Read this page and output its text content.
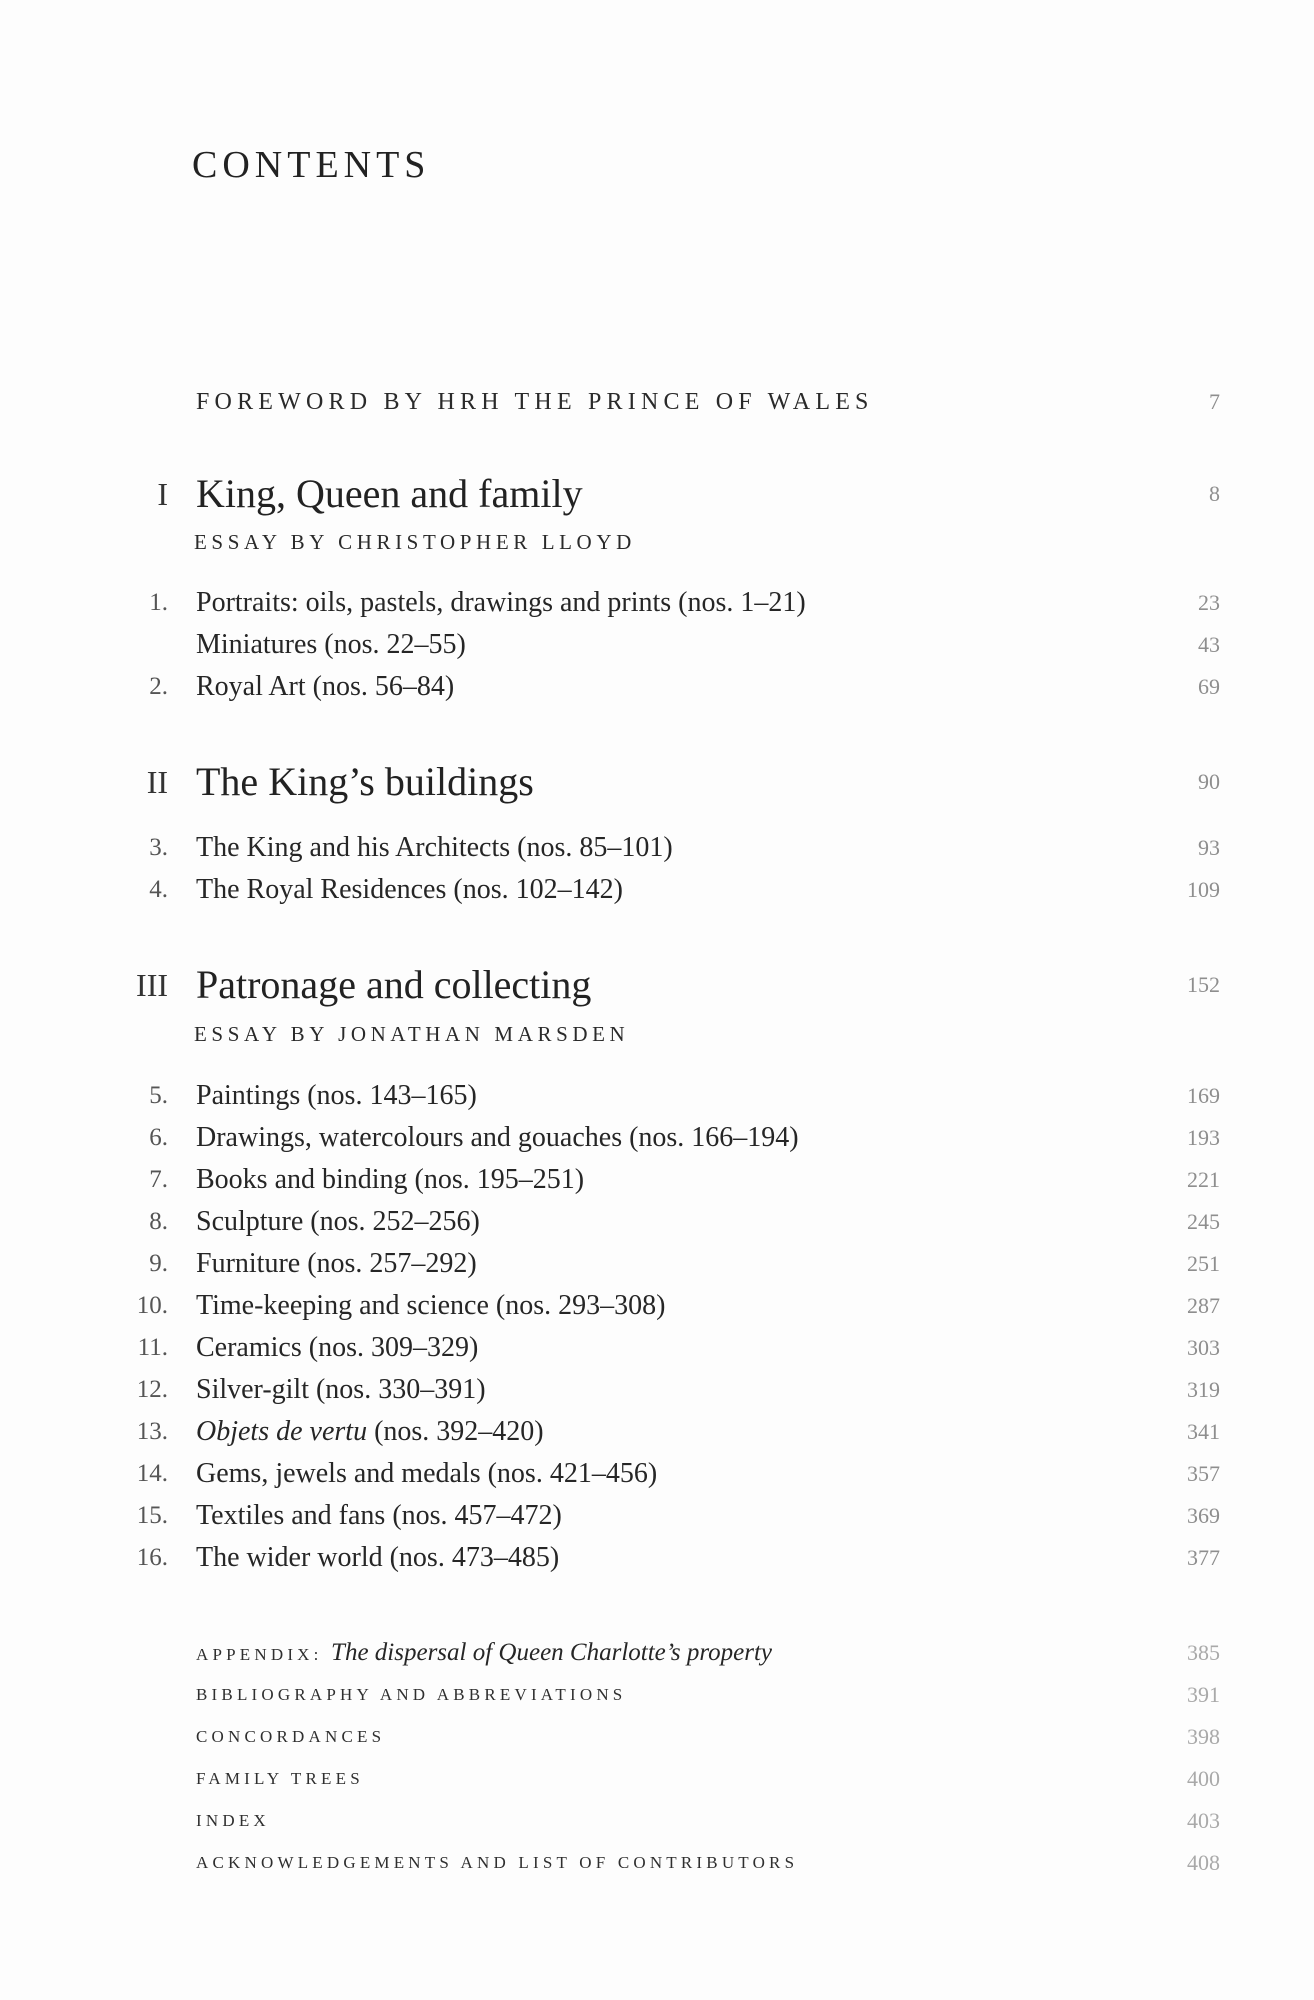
CONTENTS
FOREWORD BY HRH THE PRINCE OF WALES	7
I King, Queen and family	8
ESSAY BY CHRISTOPHER LLOYD
1. Portraits: oils, pastels, drawings and prints (nos. 1–21)	23
Miniatures (nos. 22–55)	43
2. Royal Art (nos. 56–84)	69
II The King’s buildings	90
3. The King and his Architects (nos. 85–101)	93
4. The Royal Residences (nos. 102–142)	109
III Patronage and collecting	152
ESSAY BY JONATHAN MARSDEN
5. Paintings (nos. 143–165)	169
6. Drawings, watercolours and gouaches (nos. 166–194)	193
7. Books and binding (nos. 195–251)	221
8. Sculpture (nos. 252–256)	245
9. Furniture (nos. 257–292)	251
10. Time-keeping and science (nos. 293–308)	287
11. Ceramics (nos. 309–329)	303
12. Silver-gilt (nos. 330–391)	319
13. Objets de vertu (nos. 392–420)	341
14. Gems, jewels and medals (nos. 421–456)	357
15. Textiles and fans (nos. 457–472)	369
16. The wider world (nos. 473–485)	377
APPENDIX: The dispersal of Queen Charlotte’s property	385
BIBLIOGRAPHY AND ABBREVIATIONS	391
CONCORDANCES	398
FAMILY TREES	400
INDEX	403
ACKNOWLEDGEMENTS AND LIST OF CONTRIBUTORS	408
